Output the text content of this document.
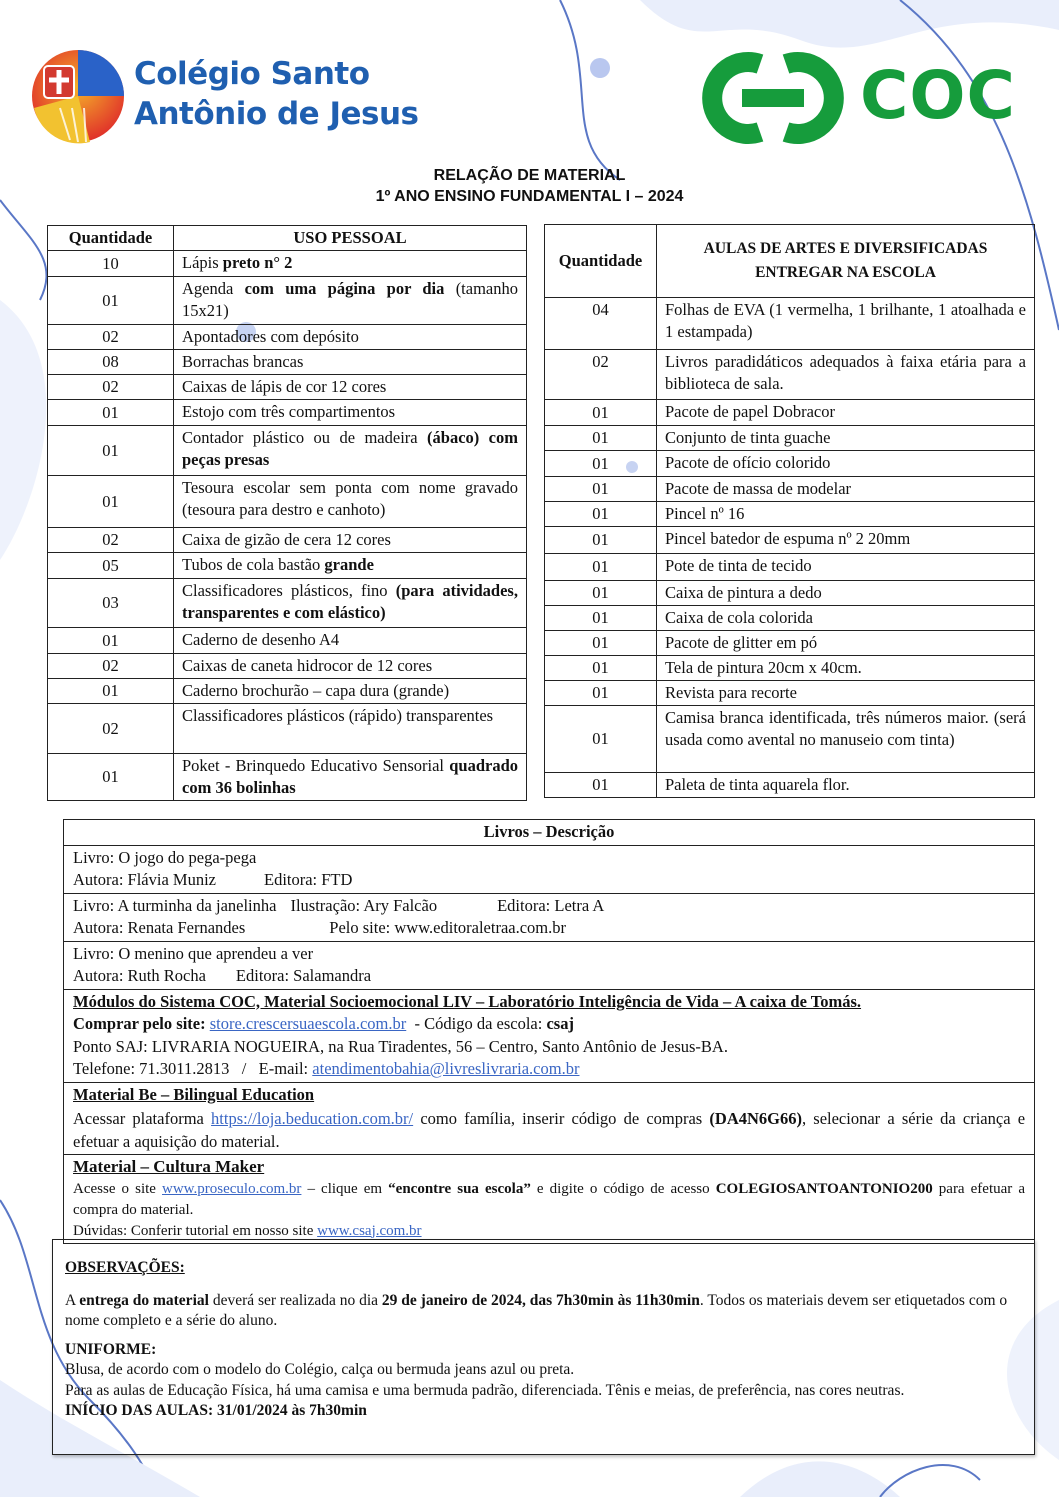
Colégio Santo
Antônio de Jesus	COC
RELAÇÃO DE MATERIAL
1º ANO ENSINO FUNDAMENTAL I – 2024
Quantidade	USO PESSOAL
10	Lápis preto n° 2
01	Agenda com uma página por dia (tamanho 15x21)
02	Apontadores com depósito
08	Borrachas brancas
02	Caixas de lápis de cor 12 cores
01	Estojo com três compartimentos
01	Contador plástico ou de madeira (ábaco) com peças presas
01	Tesoura escolar sem ponta com nome gravado (tesoura para destro e canhoto)
02	Caixa de gizão de cera 12 cores
05	Tubos de cola bastão grande
03	Classificadores plásticos, fino (para atividades, transparentes e com elástico)
01	Caderno de desenho A4
02	Caixas de caneta hidrocor de 12 cores
01	Caderno brochurão – capa dura (grande)
02	Classificadores plásticos (rápido) transparentes
01	Poket - Brinquedo Educativo Sensorial quadrado com 36 bolinhas
Quantidade	AULAS DE ARTES E DIVERSIFICADAS ENTREGAR NA ESCOLA
04	Folhas de EVA (1 vermelha, 1 brilhante, 1 atoalhada e 1 estampada)
02	Livros paradidáticos adequados à faixa etária para a biblioteca de sala.
01	Pacote de papel Dobracor
01	Conjunto de tinta guache
01	Pacote de ofício colorido
01	Pacote de massa de modelar
01	Pincel nº 16
01	Pincel batedor de espuma nº 2 20mm
01	Pote de tinta de tecido
01	Caixa de pintura a dedo
01	Caixa de cola colorida
01	Pacote de glitter em pó
01	Tela de pintura 20cm x 40cm.
01	Revista para recorte
01	Camisa branca identificada, três números maior. (será usada como avental no manuseio com tinta)
01	Paleta de tinta aquarela flor.
Livros – Descrição
Livro: O jogo do pega-pega
Autora: Flávia Muniz	Editora: FTD
Livro: A turminha da janelinha Ilustração: Ary Falcão	Editora: Letra A
Autora: Renata Fernandes	Pelo site: www.editoraletraa.com.br
Livro: O menino que aprendeu a ver
Autora: Ruth Rocha Editora: Salamandra
Módulos do Sistema COC, Material Socioemocional LIV – Laboratório Inteligência de Vida – A caixa de Tomás.
Comprar pelo site: store.crescersuaescola.com.br  - Código da escola: csaj
Ponto SAJ: LIVRARIA NOGUEIRA, na Rua Tiradentes, 56 – Centro, Santo Antônio de Jesus-BA.
Telefone: 71.3011.2813   /   E-mail: atendimentobahia@livreslivraria.com.br
Material Be – Bilingual Education
Acessar plataforma https://loja.beducation.com.br/ como família, inserir código de compras (DA4N6G66), selecionar a série da criança e efetuar a aquisição do material.
Material – Cultura Maker
Acesse o site www.proseculo.com.br – clique em “encontre sua escola” e digite o código de acesso COLEGIOSANTOANTONIO200 para efetuar a compra do material.
Dúvidas: Conferir tutorial em nosso site www.csaj.com.br

OBSERVAÇÕES:

A entrega do material deverá ser realizada no dia 29 de janeiro de 2024, das 7h30min às 11h30min. Todos os materiais devem ser etiquetados com o nome completo e a série do aluno.

UNIFORME:

Blusa, de acordo com o modelo do Colégio, calça ou bermuda jeans azul ou preta.

Para as aulas de Educação Física, há uma camisa e uma bermuda padrão, diferenciada. Tênis e meias, de preferência, nas cores neutras.

INÍCIO DAS AULAS: 31/01/2024 às 7h30min
